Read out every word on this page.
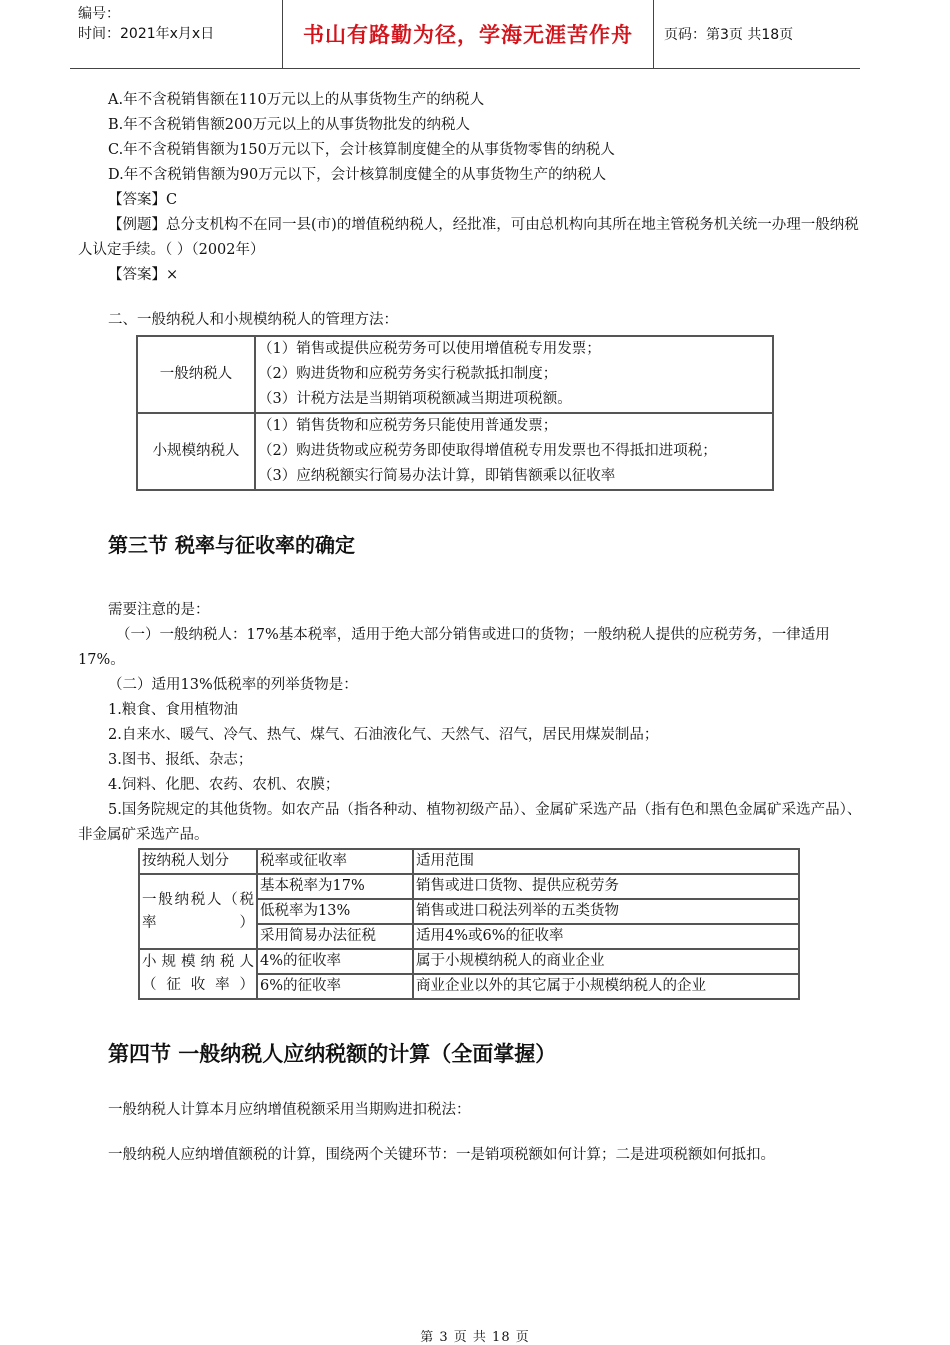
编号：
时间：2021年x月x日	书山有路勤为径，学海无涯苦作舟	页码：第3页 共18页

A.年不含税销售额在110万元以上的从事货物生产的纳税人

B.年不含税销售额200万元以上的从事货物批发的纳税人

C.年不含税销售额为150万元以下，会计核算制度健全的从事货物零售的纳税人

D.年不含税销售额为90万元以下，会计核算制度健全的从事货物生产的纳税人

【答案】C

【例题】总分支机构不在同一县(市)的增值税纳税人，经批准，可由总机构向其所在地主管税务机关统一办理一般纳税人认定手续。（ ）（2002年）

【答案】×

二、一般纳税人和小规模纳税人的管理方法：

一般纳税人	（1）销售或提供应税劳务可以使用增值税专用发票；
（2）购进货物和应税劳务实行税款抵扣制度；
（3）计税方法是当期销项税额减当期进项税额。

小规模纳税人	（1）销售货物和应税劳务只能使用普通发票；
（2）购进货物或应税劳务即使取得增值税专用发票也不得抵扣进项税；
（3）应纳税额实行简易办法计算，即销售额乘以征收率

第三节 税率与征收率的确定

需要注意的是：

（一）一般纳税人：17%基本税率，适用于绝大部分销售或进口的货物；一般纳税人提供的应税劳务，一律适用17%。

（二）适用13%低税率的列举货物是：

1.粮食、食用植物油

2.自来水、暖气、冷气、热气、煤气、石油液化气、天然气、沼气，居民用煤炭制品；

3.图书、报纸、杂志；

4.饲料、化肥、农药、农机、农膜；

5.国务院规定的其他货物。如农产品（指各种动、植物初级产品）、金属矿采选产品（指有色和黑色金属矿采选产品）、非金属矿采选产品。

按纳税人划分	税率或征收率	适用范围
一般纳税人（税率）	基本税率为17%	销售或进口货物、提供应税劳务
	低税率为13%	销售或进口税法列举的五类货物
	采用简易办法征税	适用4%或6%的征收率
小规模纳税人（征收率）	4%的征收率	属于小规模纳税人的商业企业
	6%的征收率	商业企业以外的其它属于小规模纳税人的企业

第四节 一般纳税人应纳税额的计算（全面掌握）

一般纳税人计算本月应纳增值税额采用当期购进扣税法：

一般纳税人应纳增值额税的计算，围绕两个关键环节：一是销项税额如何计算；二是进项税额如何抵扣。

第 3 页 共 18 页
